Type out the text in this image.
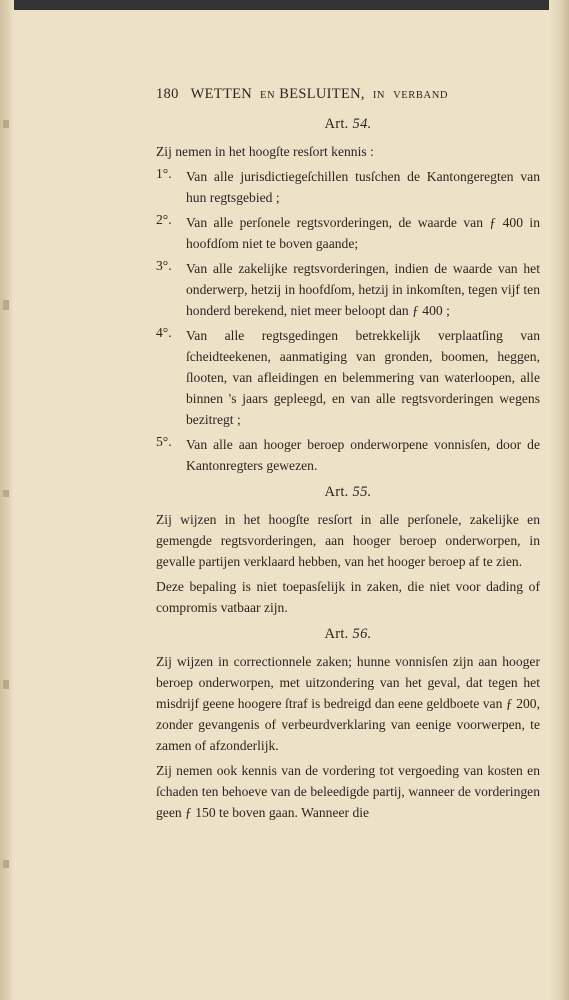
180 WETTEN EN BESLUITEN, IN VERBAND
Art. 54.

Zij nemen in het hoogſte resſort kennis :

1°. Van alle jurisdictiegeſchillen tusſchen de Kantongeregten van hun regtsgebied ;

2°. Van alle perſonele regtsvorderingen, de waarde van ƒ 400 in hoofdſom niet te boven gaande;

3°. Van alle zakelijke regtsvorderingen, indien de waarde van het onderwerp, hetzij in hoofdſom, hetzij in inkomſten, tegen vijf ten honderd berekend, niet meer beloopt dan ƒ 400 ;

4°. Van alle regtsgedingen betrekkelijk verplaatſing van ſcheidteekenen, aanmatiging van gronden, boomen, heggen, ſlooten, van afleidingen en belemmering van waterloopen, alle binnen 's jaars gepleegd, en van alle regtsvorderingen wegens bezitregt ;

5°. Van alle aan hooger beroep onderworpene vonnisſen, door de Kantonregters gewezen.

Art. 55.

Zij wijzen in het hoogſte resſort in alle perſonele, zakelijke en gemengde regtsvorderingen, aan hooger beroep onderworpen, in gevalle partijen verklaard hebben, van het hooger beroep af te zien.

Deze bepaling is niet toepasſelijk in zaken, die niet voor dading of compromis vatbaar zijn.

Art. 56.

Zij wijzen in correctionnele zaken; hunne vonnisſen zijn aan hooger beroep onderworpen, met uitzondering van het geval, dat tegen het misdrijf geene hoogere ſtraf is bedreigd dan eene geldboete van ƒ 200, zonder gevangenis of verbeurdverklaring van eenige voorwerpen, te zamen of afzonderlijk.

Zij nemen ook kennis van de vordering tot vergoeding van kosten en ſchaden ten behoeve van de beleedigde partij, wanneer de vorderingen geen ƒ 150 te boven gaan. Wanneer die
